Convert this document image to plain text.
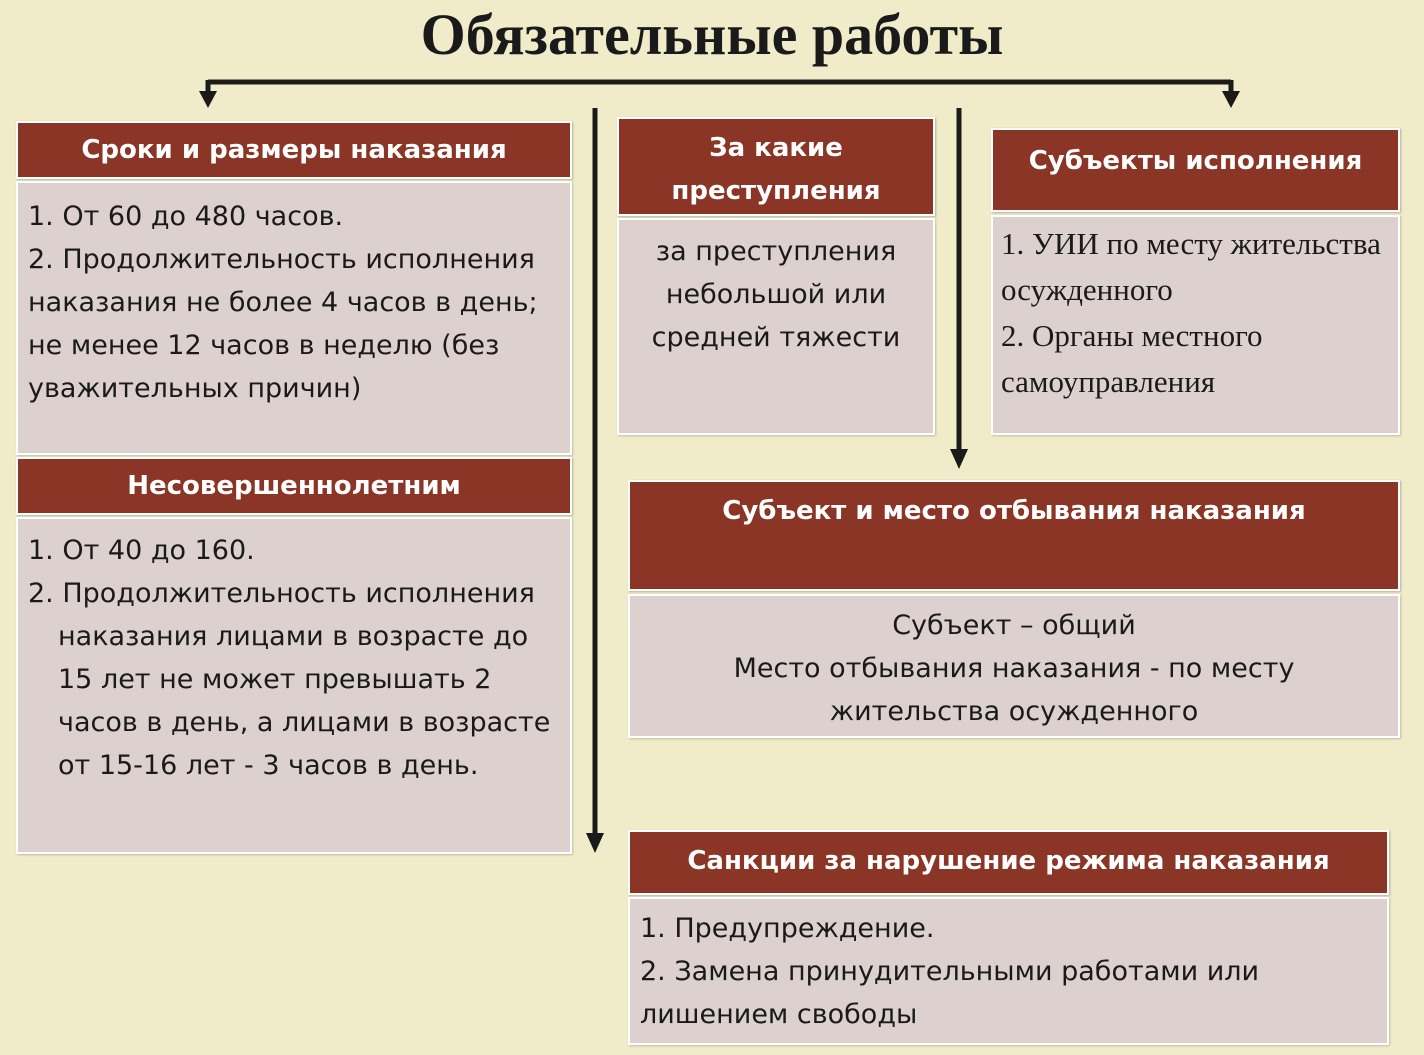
Обязательные работы
Сроки и размеры наказания

1. От 60 до 480 часов.

2. Продолжительность исполнения наказания не более 4 часов в день; не менее 12 часов в неделю (без уважительных причин)

Несовершеннолетним

1. От 40 до 160.

2. Продолжительность исполнения наказания лицами в возрасте до 15 лет не может превышать 2 часов в день, а лицами в возрасте от 15-16 лет - 3 часов в день.

За какие преступления

за преступления небольшой или средней тяжести

Субъекты исполнения

1. УИИ по месту жительства осужденного

2. Органы местного самоуправления

Субъект и место отбывания наказания

Субъект – общий

Место отбывания наказания - по месту жительства осужденного

Санкции за нарушение режима наказания

1. Предупреждение.

2. Замена принудительными работами или лишением свободы
